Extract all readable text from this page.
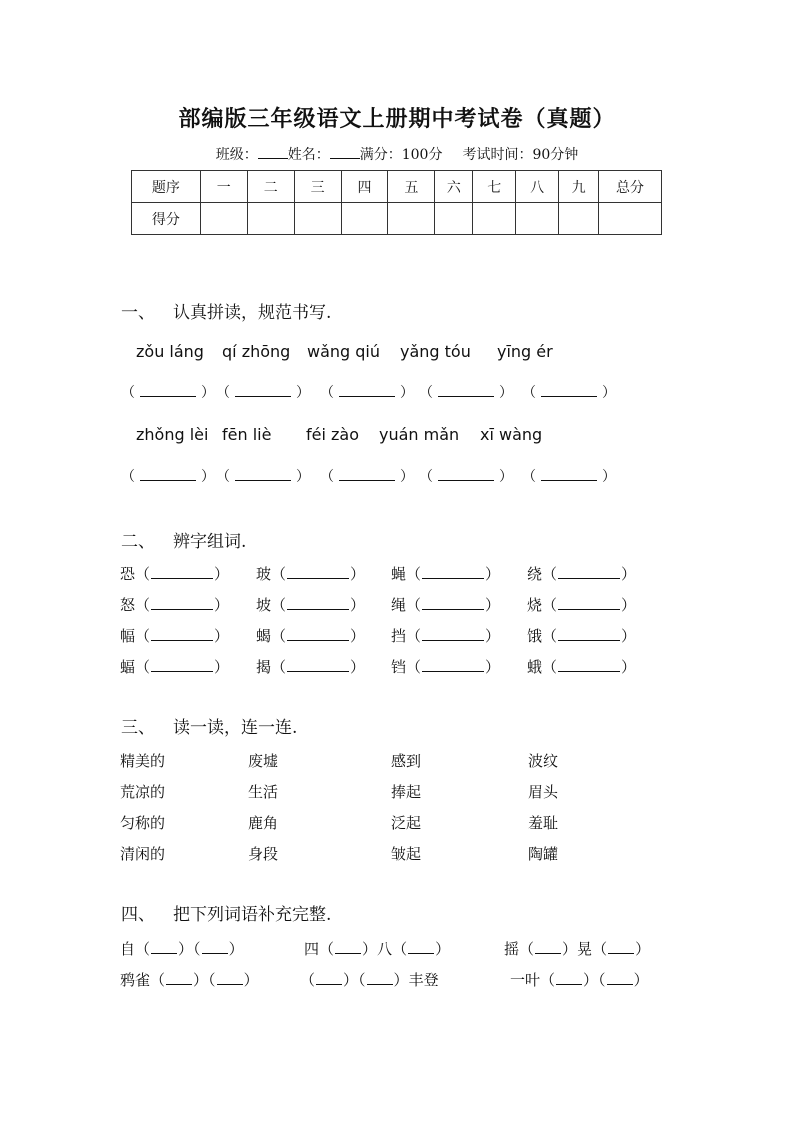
部编版三年级语文上册期中考试卷（真题）
班级： 姓名： 满分：100分 考试时间：90分钟
题序	一	二	三	四	五	六	七	八	九	总分
得分										
一、 认真拼读，规范书写.
zǒu láng qí zhōng wǎng qiú yǎng tóu yīng ér
（	） （	） （	） （	） （	）
zhǒng lèi fēn liè féi zào yuán mǎn xī wàng
（	） （	） （	） （	） （	）
二、 辨字组词.
恐（	） 玻（	） 蝇（	） 绕（	）
怒（	） 坡（	） 绳（	） 烧（	）
幅（	） 蝎（	） 挡（	） 饿（	）
蝠（	） 揭（	） 铛（	） 蛾（	）
三、 读一读，连一连.
精美的	废墟	感到	波纹
荒凉的	生活	捧起	眉头
匀称的	鹿角	泛起	羞耻
清闲的	身段	皱起	陶罐
四、 把下列词语补充完整.
自（ ）（ ）	四（ ）八（ ）	摇（ ）晃（ ）
鸦雀（ ）（ ）	（ ）（ ）丰登	一叶（ ）（ ）
